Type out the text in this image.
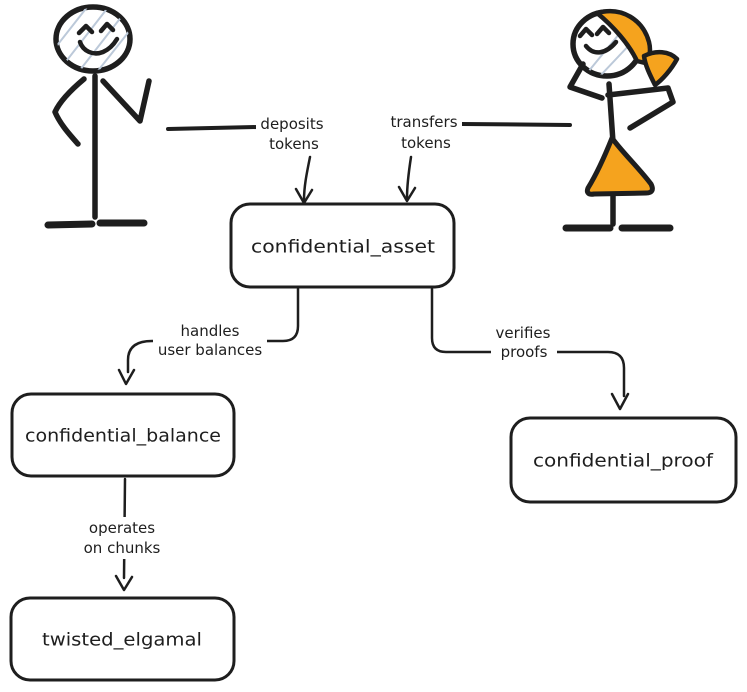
deposits
tokens
transfers
tokens
handles
user balances
verifies
proofs
operates
on chunks
confidential_asset
confidential_balance
confidential_proof
twisted_elgamal
